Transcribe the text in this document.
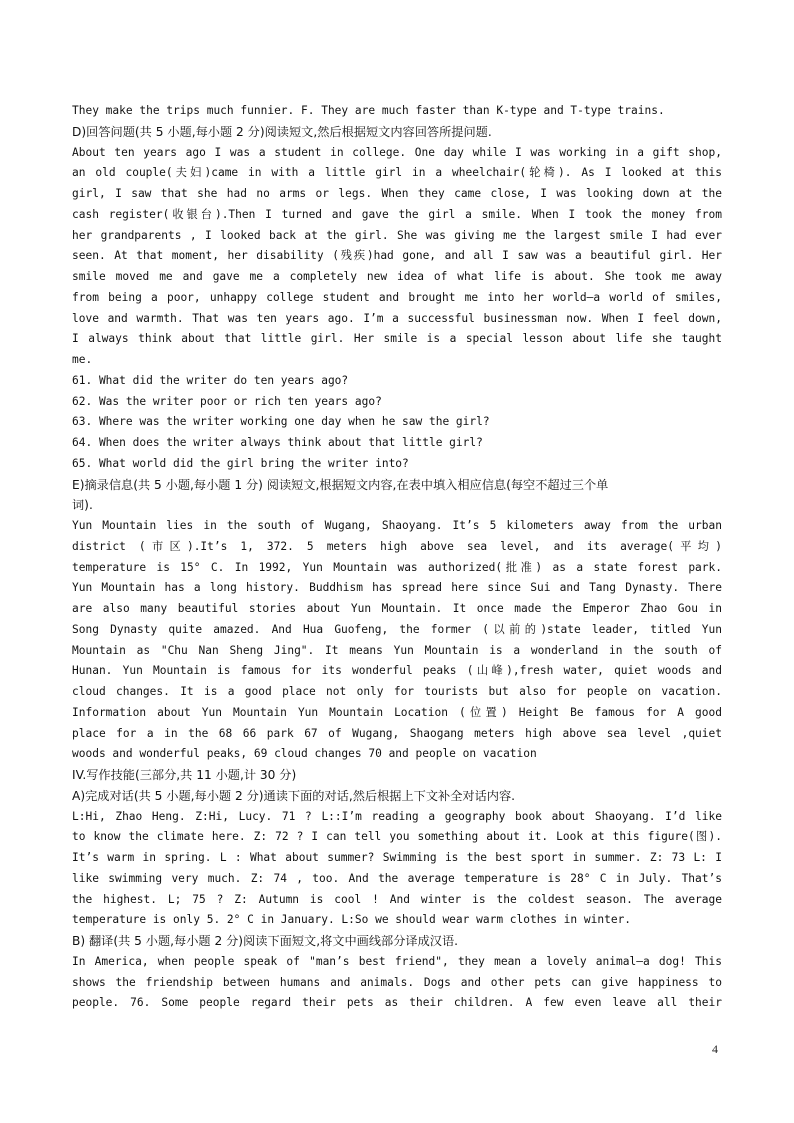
They make the trips much funnier. F. They are much faster than K-type and T-type trains.
D)回答问题(共 5 小题,每小题 2 分)阅读短文,然后根据短文内容回答所提问题.
About ten years ago I was a student in college. One day while I was working in a gift shop,
an old couple(夫妇)came in with a little girl in a wheelchair(轮椅). As I looked at this
girl, I saw that she had no arms or legs. When they came close, I was looking down at the
cash register(收银台).Then I turned and gave the girl a smile. When I took the money from
her grandparents , I looked back at the girl. She was giving me the largest smile I had ever
seen. At that moment, her disability (残疾)had gone, and all I saw was a beautiful girl. Her
smile moved me and gave me a completely new idea of what life is about. She took me away
from being a poor, unhappy college student and brought me into her world—a world of smiles,
love and warmth. That was ten years ago. I’m a successful businessman now. When I feel down,
I always think about that little girl. Her smile is a special lesson about life she taught
me.
61. What did the writer do ten years ago?
62. Was the writer poor or rich ten years ago?
63. Where was the writer working one day when he saw the girl?
64. When does the writer always think about that little girl?
65. What world did the girl bring the writer into?
E)摘录信息(共 5 小题,每小题 1 分) 阅读短文,根据短文内容,在表中填入相应信息(每空不超过三个单
词).
Yun Mountain lies in the south of Wugang, Shaoyang. It’s 5 kilometers away from the urban
district (市区).It’s 1, 372. 5 meters high above sea level, and its average(平均)
temperature is 15° C. In 1992, Yun Mountain was authorized(批准) as a state forest park.
Yun Mountain has a long history. Buddhism has spread here since Sui and Tang Dynasty. There
are also many beautiful stories about Yun Mountain. It once made the Emperor Zhao Gou in
Song Dynasty quite amazed. And Hua Guofeng, the former (以前的)state leader, titled Yun
Mountain as "Chu Nan Sheng Jing". It means Yun Mountain is a wonderland in the south of
Hunan. Yun Mountain is famous for its wonderful peaks (山峰),fresh water, quiet woods and
cloud changes. It is a good place not only for tourists but also for people on vacation.
Information about Yun Mountain Yun Mountain Location (位置) Height Be famous for A good
place for a in the 68 66 park 67 of Wugang, Shaogang meters high above sea level ,quiet
woods and wonderful peaks, 69 cloud changes 70 and people on vacation
IV.写作技能(三部分,共 11 小题,计 30 分)
A)完成对话(共 5 小题,每小题 2 分)通读下面的对话,然后根据上下文补全对话内容.
L:Hi, Zhao Heng. Z:Hi, Lucy. 71 ? L::I’m reading a geography book about Shaoyang. I’d like
to know the climate here. Z: 72 ? I can tell you something about it. Look at this figure(图).
It’s warm in spring. L : What about summer? Swimming is the best sport in summer. Z: 73 L: I
like swimming very much. Z: 74 , too. And the average temperature is 28° C in July. That’s
the highest. L; 75 ? Z: Autumn is cool ! And winter is the coldest season. The average
temperature is only 5. 2° C in January. L:So we should wear warm clothes in winter.
B) 翻译(共 5 小题,每小题 2 分)阅读下面短文,将文中画线部分译成汉语.
In America, when people speak of "man’s best friend", they mean a lovely animal—a dog! This
shows the friendship between humans and animals. Dogs and other pets can give happiness to
people. 76. Some people regard their pets as their children. A few even leave all their
4
